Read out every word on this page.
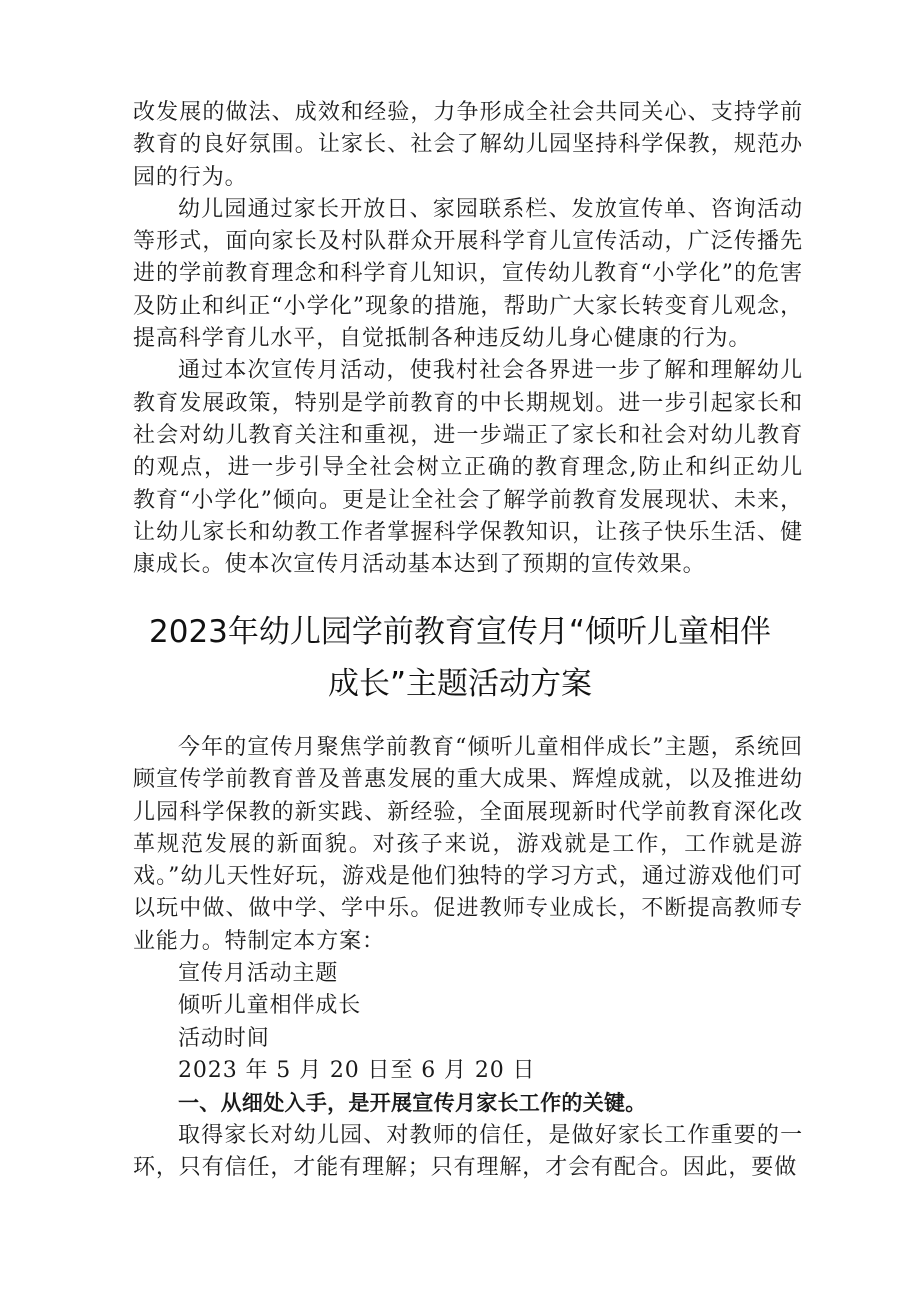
改发展的做法、成效和经验，力争形成全社会共同关心、支持学前教育的良好氛围。让家长、社会了解幼儿园坚持科学保教，规范办园的行为。

幼儿园通过家长开放日、家园联系栏、发放宣传单、咨询活动等形式，面向家长及村队群众开展科学育儿宣传活动，广泛传播先进的学前教育理念和科学育儿知识，宣传幼儿教育“小学化”的危害及防止和纠正“小学化”现象的措施，帮助广大家长转变育儿观念，提高科学育儿水平，自觉抵制各种违反幼儿身心健康的行为。

通过本次宣传月活动，使我村社会各界进一步了解和理解幼儿教育发展政策，特别是学前教育的中长期规划。进一步引起家长和社会对幼儿教育关注和重视，进一步端正了家长和社会对幼儿教育的观点，进一步引导全社会树立正确的教育理念,防止和纠正幼儿教育“小学化”倾向。更是让全社会了解学前教育发展现状、未来，让幼儿家长和幼教工作者掌握科学保教知识，让孩子快乐生活、健康成长。使本次宣传月活动基本达到了预期的宣传效果。

2023年幼儿园学前教育宣传月“倾听儿童相伴
成长”主题活动方案

今年的宣传月聚焦学前教育“倾听儿童相伴成长”主题，系统回顾宣传学前教育普及普惠发展的重大成果、辉煌成就，以及推进幼儿园科学保教的新实践、新经验，全面展现新时代学前教育深化改革规范发展的新面貌。对孩子来说，游戏就是工作，工作就是游戏。”幼儿天性好玩，游戏是他们独特的学习方式，通过游戏他们可以玩中做、做中学、学中乐。促进教师专业成长，不断提高教师专业能力。特制定本方案：

宣传月活动主题

倾听儿童相伴成长

活动时间

2023 年 5 月 20 日至 6 月 20 日

一、从细处入手，是开展宣传月家长工作的关键。

取得家长对幼儿园、对教师的信任，是做好家长工作重要的一环，只有信任，才能有理解；只有理解，才会有配合。因此，要做
